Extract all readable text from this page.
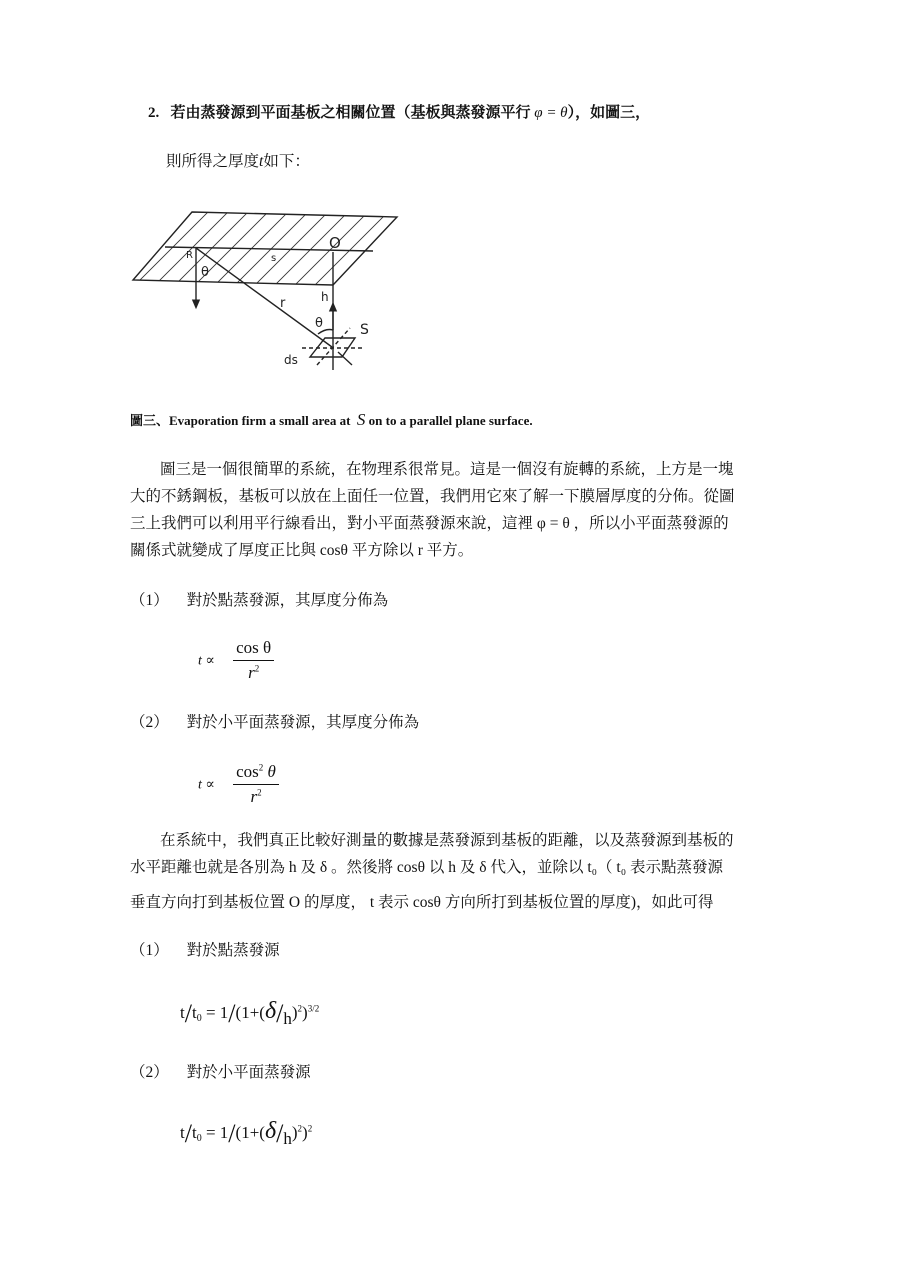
2. 若由蒸發源到平面基板之相關位置（基板與蒸發源平行 φ = θ），如圖三，
則所得之厚度t如下：
R
O
θ
s
r	h
θ	S
ds
圖三、Evaporation firm a small area at S on to a parallel plane surface.
圖三是一個很簡單的系統，在物理系很常見。這是一個沒有旋轉的系統，上方是一塊
大的不銹鋼板，基板可以放在上面任一位置，我們用它來了解一下膜層厚度的分佈。從圖
三上我們可以利用平行線看出，對小平面蒸發源來說，這裡 φ = θ ，所以小平面蒸發源的
關係式就變成了厚度正比與 cosθ 平方除以 r 平方。
（1） 對於點蒸發源，其厚度分佈為
$t \propto \frac{\text{cos θ}}{r^2}$
（2） 對於小平面蒸發源，其厚度分佈為
$t \propto \frac{\cos^2 \theta}{r^2}$
在系統中，我們真正比較好測量的數據是蒸發源到基板的距離，以及蒸發源到基板的
水平距離也就是各別為 h 及 δ 。然後將 cosθ 以 h 及 δ 代入，並除以 t₀（ t₀ 表示點蒸發源
垂直方向打到基板位置 O 的厚度， t 表示 cosθ 方向所打到基板位置的厚度)，如此可得
（1） 對於點蒸發源
$t/t_0 = 1/(1+(\delta/h)^2)^{3/2}$
（2） 對於小平面蒸發源
$t/t_0 = 1/(1+(\delta/h)^2)^2$
